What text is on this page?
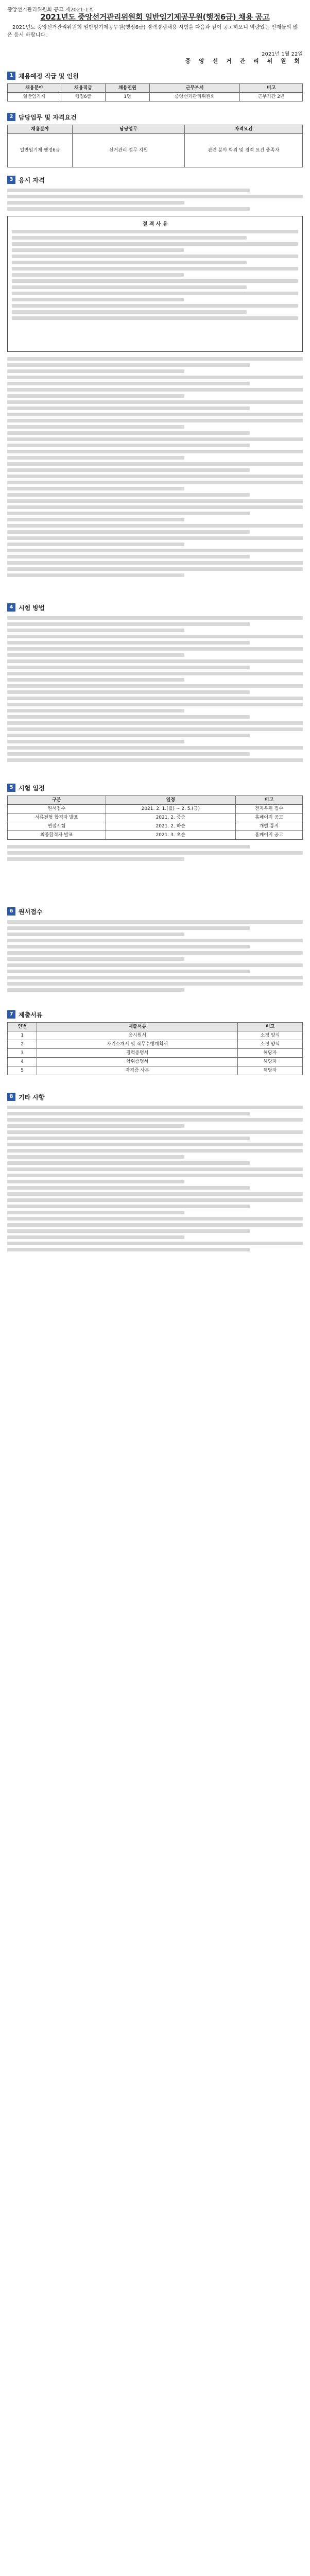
중앙선거관리위원회 공고 제2021-1호
2021년도 중앙선거관리위원회 일반임기제공무원(행정6급) 채용 공고
2021년도 중앙선거관리위원회 일반임기제공무원(행정6급) 경력경쟁채용 시험을 다음과 같이 공고하오니 역량있는 인재들의 많은 응시 바랍니다.
2021년 1월 22일
중 앙 선 거 관 리 위 원 회
1 채용예정 직급 및 인원
채용분야	채용직급	채용인원	근무부서	비고
일반임기제	행정6급	1명	중앙선거관리위원회	근무기간 2년
2 담당업무 및 자격요건
채용분야	담당업무	자격요건
일반임기제 행정6급	선거관리 업무 지원	관련 분야 학위 및 경력 요건 충족자
3 응시 자격
결 격 사 유
4 시험 방법
5 시험 일정
구분	일정	비고
원서접수	2021. 2. 1.(월) ~ 2. 5.(금)	전자우편 접수
서류전형 합격자 발표	2021. 2. 중순	홈페이지 공고
면접시험	2021. 2. 하순	개별 통지
최종합격자 발표	2021. 3. 초순	홈페이지 공고
6 원서접수
7 제출서류
연번	제출서류	비고
1	응시원서	소정 양식
2	자기소개서 및 직무수행계획서	소정 양식
3	경력증명서	해당자
4	학위증명서	해당자
5	자격증 사본	해당자
8 기타 사항
